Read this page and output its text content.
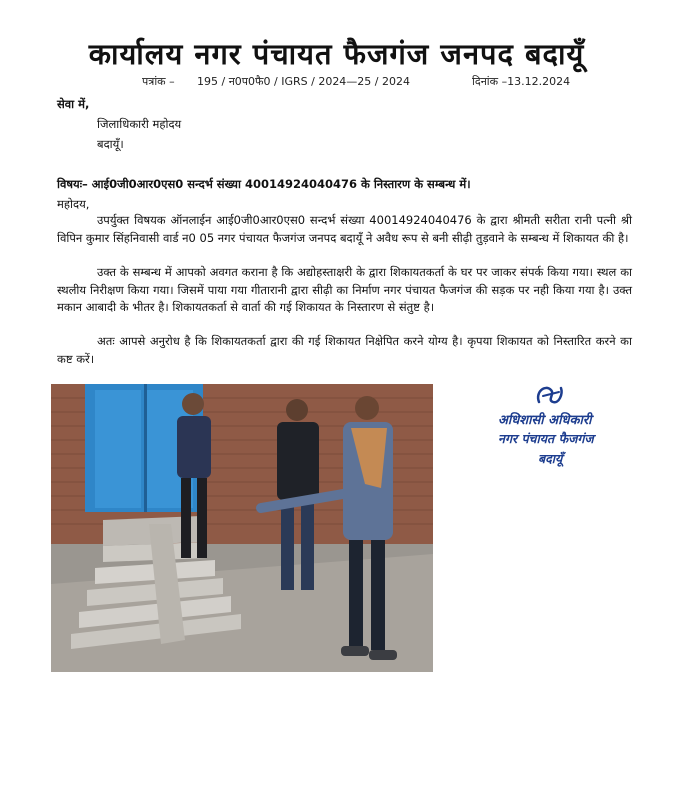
कार्यालय नगर पंचायत फैजगंज जनपद बदायूँ
पत्रांक – 195 / न0प0फै0 / IGRS / 2024—25 / 2024	दिनांक –13.12.2024
सेवा में,
जिलाधिकारी महोदय
बदायूँ।
विषयः– आई0जी0आर0एस0 सन्दर्भ संख्या 40014924040476 के निस्तारण के सम्बन्ध में।
महोदय,
उपर्युक्त विषयक ऑनलाईन आई0जी0आर0एस0 सन्दर्भ संख्या 40014924040476 के द्वारा श्रीमती सरीता रानी पत्नी श्री विपिन कुमार सिंहनिवासी वार्ड न0 05 नगर पंचायत फैजगंज जनपद बदायूँ ने अवैध रूप से बनी सीढ़ी तुड़वाने के सम्बन्ध में शिकायत की है।
उक्त के सम्बन्ध में आपको अवगत कराना है कि अद्योहस्ताक्षरी के द्वारा शिकायतकर्ता के घर पर जाकर संपर्क किया गया। स्थल का स्थलीय निरीक्षण किया गया। जिसमें पाया गया गीतारानी द्वारा सीढ़ी का निर्माण नगर पंचायत फैजगंज की सड़क पर नही किया गया है। उक्त मकान आबादी के भीतर है। शिकायतकर्ता से वार्ता की गई शिकायत के निस्तारण से संतुष्ट है।
अतः आपसे अनुरोध है कि शिकायतकर्ता द्वारा की गई शिकायत निक्षेपित करने योग्य है। कृपया शिकायत को निस्तारित करने का कष्ट करें।
अधिशासी अधिकारी
नगर पंचायत फैजगंज
बदायूँ
